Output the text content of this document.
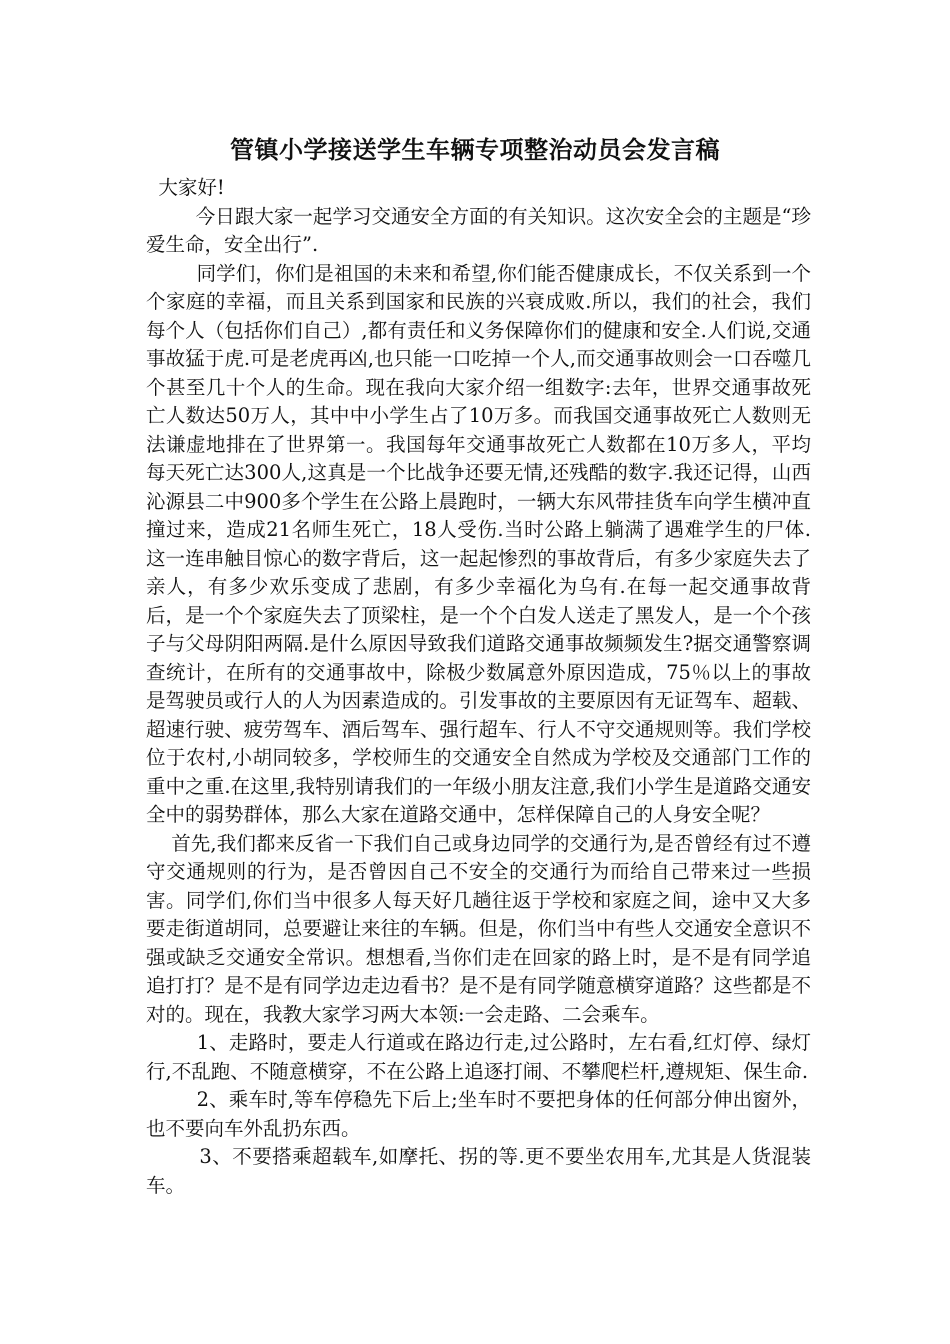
管镇小学接送学生车辆专项整治动员会发言稿

大家好!

今日跟大家一起学习交通安全方面的有关知识。这次安全会的主题是“珍爱生命，安全出行”.

同学们，你们是祖国的未来和希望,你们能否健康成长，不仅关系到一个个家庭的幸福，而且关系到国家和民族的兴衰成败.所以，我们的社会，我们每个人（包括你们自己）,都有责任和义务保障你们的健康和安全.人们说,交通事故猛于虎.可是老虎再凶,也只能一口吃掉一个人,而交通事故则会一口吞噬几个甚至几十个人的生命。现在我向大家介绍一组数字:去年，世界交通事故死亡人数达50万人，其中中小学生占了10万多。而我国交通事故死亡人数则无法谦虚地排在了世界第一。我国每年交通事故死亡人数都在10万多人，平均每天死亡达300人,这真是一个比战争还要无情,还残酷的数字.我还记得，山西沁源县二中900多个学生在公路上晨跑时，一辆大东风带挂货车向学生横冲直撞过来，造成21名师生死亡，18人受伤.当时公路上躺满了遇难学生的尸体.这一连串触目惊心的数字背后，这一起起惨烈的事故背后，有多少家庭失去了亲人，有多少欢乐变成了悲剧，有多少幸福化为乌有.在每一起交通事故背后，是一个个家庭失去了顶梁柱，是一个个白发人送走了黑发人，是一个个孩子与父母阴阳两隔.是什么原因导致我们道路交通事故频频发生?据交通警察调查统计，在所有的交通事故中，除极少数属意外原因造成，75％以上的事故是驾驶员或行人的人为因素造成的。引发事故的主要原因有无证驾车、超载、超速行驶、疲劳驾车、酒后驾车、强行超车、行人不守交通规则等。我们学校位于农村,小胡同较多，学校师生的交通安全自然成为学校及交通部门工作的重中之重.在这里,我特别请我们的一年级小朋友注意,我们小学生是道路交通安全中的弱势群体，那么大家在道路交通中，怎样保障自己的人身安全呢？

首先,我们都来反省一下我们自己或身边同学的交通行为,是否曾经有过不遵守交通规则的行为，是否曾因自己不安全的交通行为而给自己带来过一些损害。同学们,你们当中很多人每天好几趟往返于学校和家庭之间，途中又大多要走街道胡同，总要避让来往的车辆。但是，你们当中有些人交通安全意识不强或缺乏交通安全常识。想想看,当你们走在回家的路上时，是不是有同学追追打打？是不是有同学边走边看书？是不是有同学随意横穿道路？这些都是不对的。现在，我教大家学习两大本领:一会走路、二会乘车。

1、走路时，要走人行道或在路边行走,过公路时，左右看,红灯停、绿灯行,不乱跑、不随意横穿，不在公路上追逐打闹、不攀爬栏杆,遵规矩、保生命.

2、乘车时,等车停稳先下后上;坐车时不要把身体的任何部分伸出窗外，也不要向车外乱扔东西。

3、不要搭乘超载车,如摩托、拐的等.更不要坐农用车,尤其是人货混装车。
